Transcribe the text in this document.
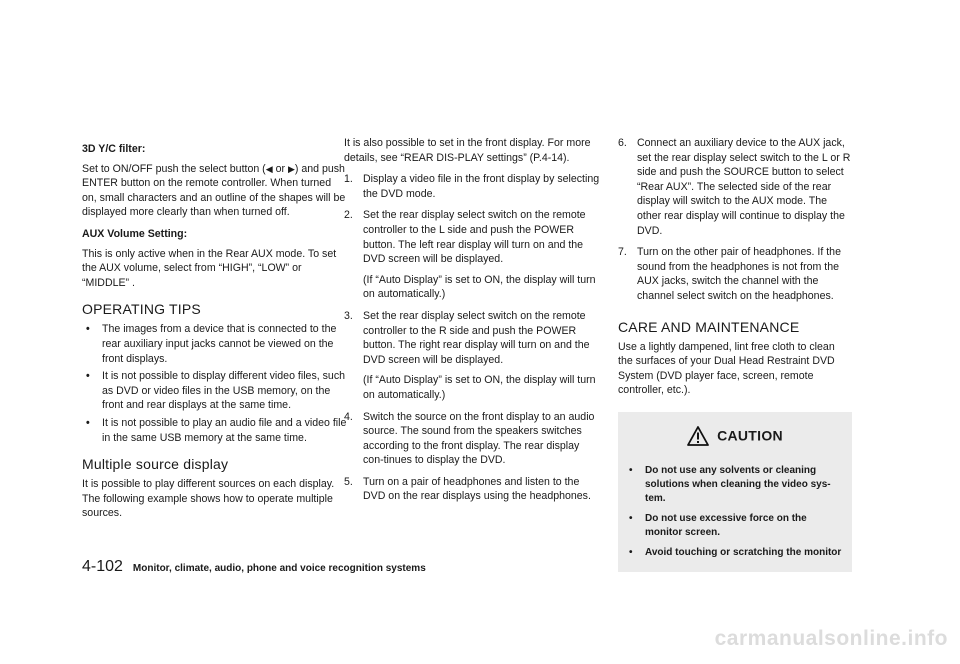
3D Y/C filter:

Set to ON/OFF push the select button (◀ or ▶) and push ENTER button on the remote controller. When turned on, small characters and an outline of the shapes will be displayed more clearly than when turned off.

AUX Volume Setting:

This is only active when in the Rear AUX mode. To set the AUX volume, select from “HIGH”, “LOW” or “MIDDLE” .

OPERATING TIPS
• The images from a device that is connected to the rear auxiliary input jacks cannot be viewed on the front displays.
• It is not possible to display different video files, such as DVD or video files in the USB memory, on the front and rear displays at the same time.
• It is not possible to play an audio file and a video file in the same USB memory at the same time.
Multiple source display

It is possible to play different sources on each display. The following example shows how to operate multiple sources.

It is also possible to set in the front display. For more details, see “REAR DIS-PLAY settings” (P.4-14).

1. Display a video file in the front display by selecting the DVD mode.
2. Set the rear display select switch on the remote controller to the L side and push the POWER button. The left rear display will turn on and the DVD screen will be displayed.
(If “Auto Display” is set to ON, the display will turn on automatically.)
3. Set the rear display select switch on the remote controller to the R side and push the POWER button. The right rear display will turn on and the DVD screen will be displayed.
(If “Auto Display” is set to ON, the display will turn on automatically.)
4. Switch the source on the front display to an audio source. The sound from the speakers switches according to the front display. The rear display con-tinues to display the DVD.
5. Turn on a pair of headphones and listen to the DVD on the rear displays using the headphones.
6. Connect an auxiliary device to the AUX jack, set the rear display select switch to the L or R side and push the SOURCE button to select “Rear AUX”. The selected side of the rear display will switch to the AUX mode. The other rear display will continue to display the DVD.
7. Turn on the other pair of headphones. If the sound from the headphones is not from the AUX jacks, switch the channel with the channel select switch on the headphones.
CARE AND MAINTENANCE

Use a lightly dampened, lint free cloth to clean the surfaces of your Dual Head Restraint DVD System (DVD player face, screen, remote controller, etc.).

CAUTION
• Do not use any solvents or cleaning solutions when cleaning the video sys-tem.
• Do not use excessive force on the monitor screen.
• Avoid touching or scratching the monitor
4-102 Monitor, climate, audio, phone and voice recognition systems
carmanualsonline.info
